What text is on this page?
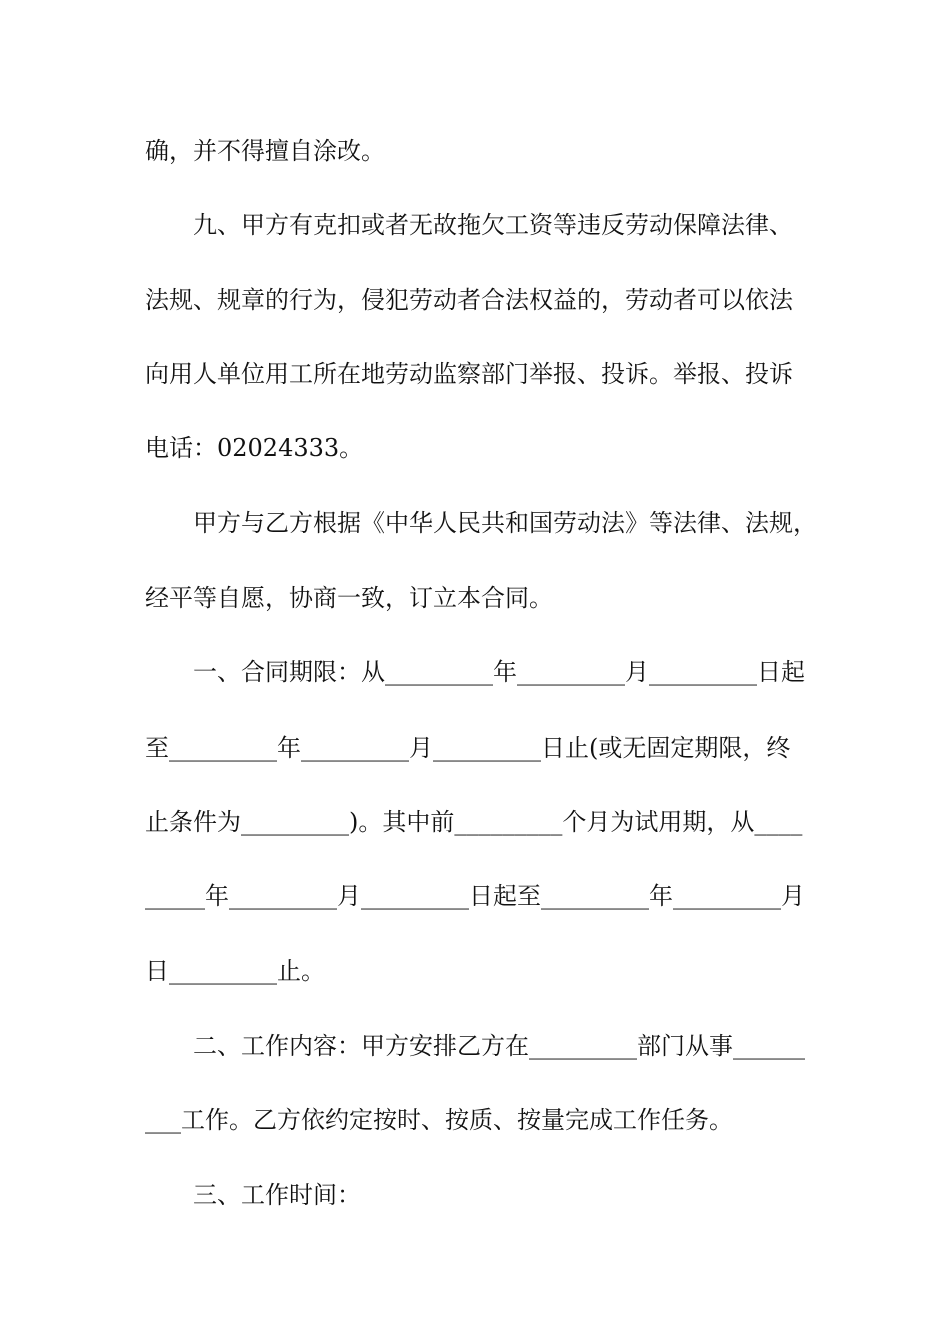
确，并不得擅自涂改。
九、甲方有克扣或者无故拖欠工资等违反劳动保障法律、
法规、规章的行为，侵犯劳动者合法权益的，劳动者可以依法
向用人单位用工所在地劳动监察部门举报、投诉。举报、投诉
电话：02024333。
甲方与乙方根据《中华人民共和国劳动法》等法律、法规，
经平等自愿，协商一致，订立本合同。
一、合同期限：从_________年_________月_________日起
至_________年_________月_________日止(或无固定期限，终
止条件为_________)。其中前_________个月为试用期，从____
_____年_________月_________日起至_________年_________月
日_________止。
二、工作内容：甲方安排乙方在_________部门从事______
___工作。乙方依约定按时、按质、按量完成工作任务。
三、工作时间：
